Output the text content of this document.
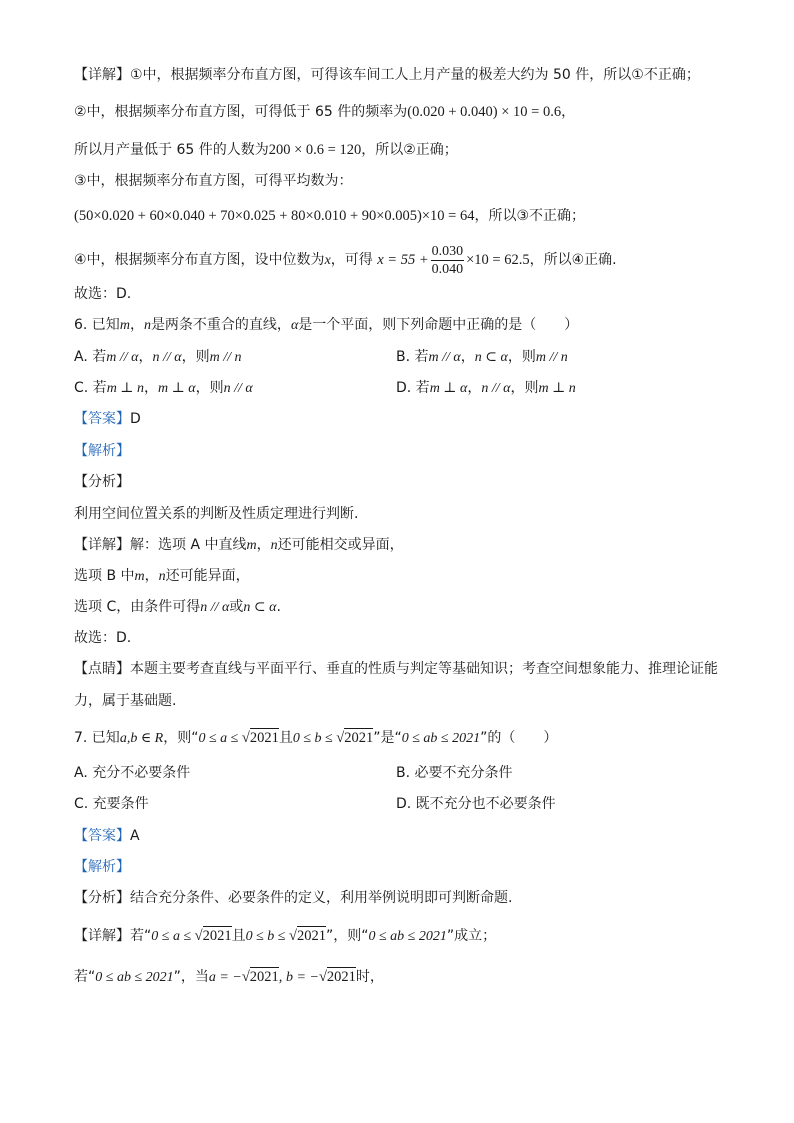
【详解】①中，根据频率分布直方图，可得该车间工人上月产量的极差大约为 50 件，所以①不正确；
②中，根据频率分布直方图，可得低于 65 件的频率为(0.020 + 0.040) × 10 = 0.6，
所以月产量低于 65 件的人数为200 × 0.6 = 120，所以②正确；
③中，根据频率分布直方图，可得平均数为：
(50×0.020 + 60×0.040 + 70×0.025 + 80×0.010 + 90×0.005)×10 = 64，所以③不正确；
④中，根据频率分布直方图，设中位数为x，可得 $x = 55 + \frac{0.030}{0.040} \times 10 = 62.5$，所以④正确.
故选：D.
6. 已知m，n是两条不重合的直线，α是一个平面，则下列命题中正确的是（　　）
A. 若m // α，n // α，则m // n	B. 若m // α，n ⊂ α，则m // n
C. 若m ⊥ n，m ⊥ α，则n // α	D. 若m ⊥ α，n // α，则m ⊥ n
【答案】D
【解析】
【分析】
利用空间位置关系的判断及性质定理进行判断.
【详解】解：选项 A 中直线m，n还可能相交或异面，
选项 B 中m，n还可能异面，
选项 C，由条件可得n // α或n ⊂ α.
故选：D.
【点睛】本题主要考查直线与平面平行、垂直的性质与判定等基础知识；考查空间想象能力、推理论证能
力，属于基础题.
7. 已知a,b ∈ R，则“0 ≤ a ≤ √2021且0 ≤ b ≤ √2021”是“0 ≤ ab ≤ 2021”的（　　）
A. 充分不必要条件	B. 必要不充分条件
C. 充要条件	D. 既不充分也不必要条件
【答案】A
【解析】
【分析】结合充分条件、必要条件的定义，利用举例说明即可判断命题.
【详解】若“0 ≤ a ≤ √2021且0 ≤ b ≤ √2021”，则“0 ≤ ab ≤ 2021”成立；
若“0 ≤ ab ≤ 2021”，当a = −√2021, b = −√2021时，
